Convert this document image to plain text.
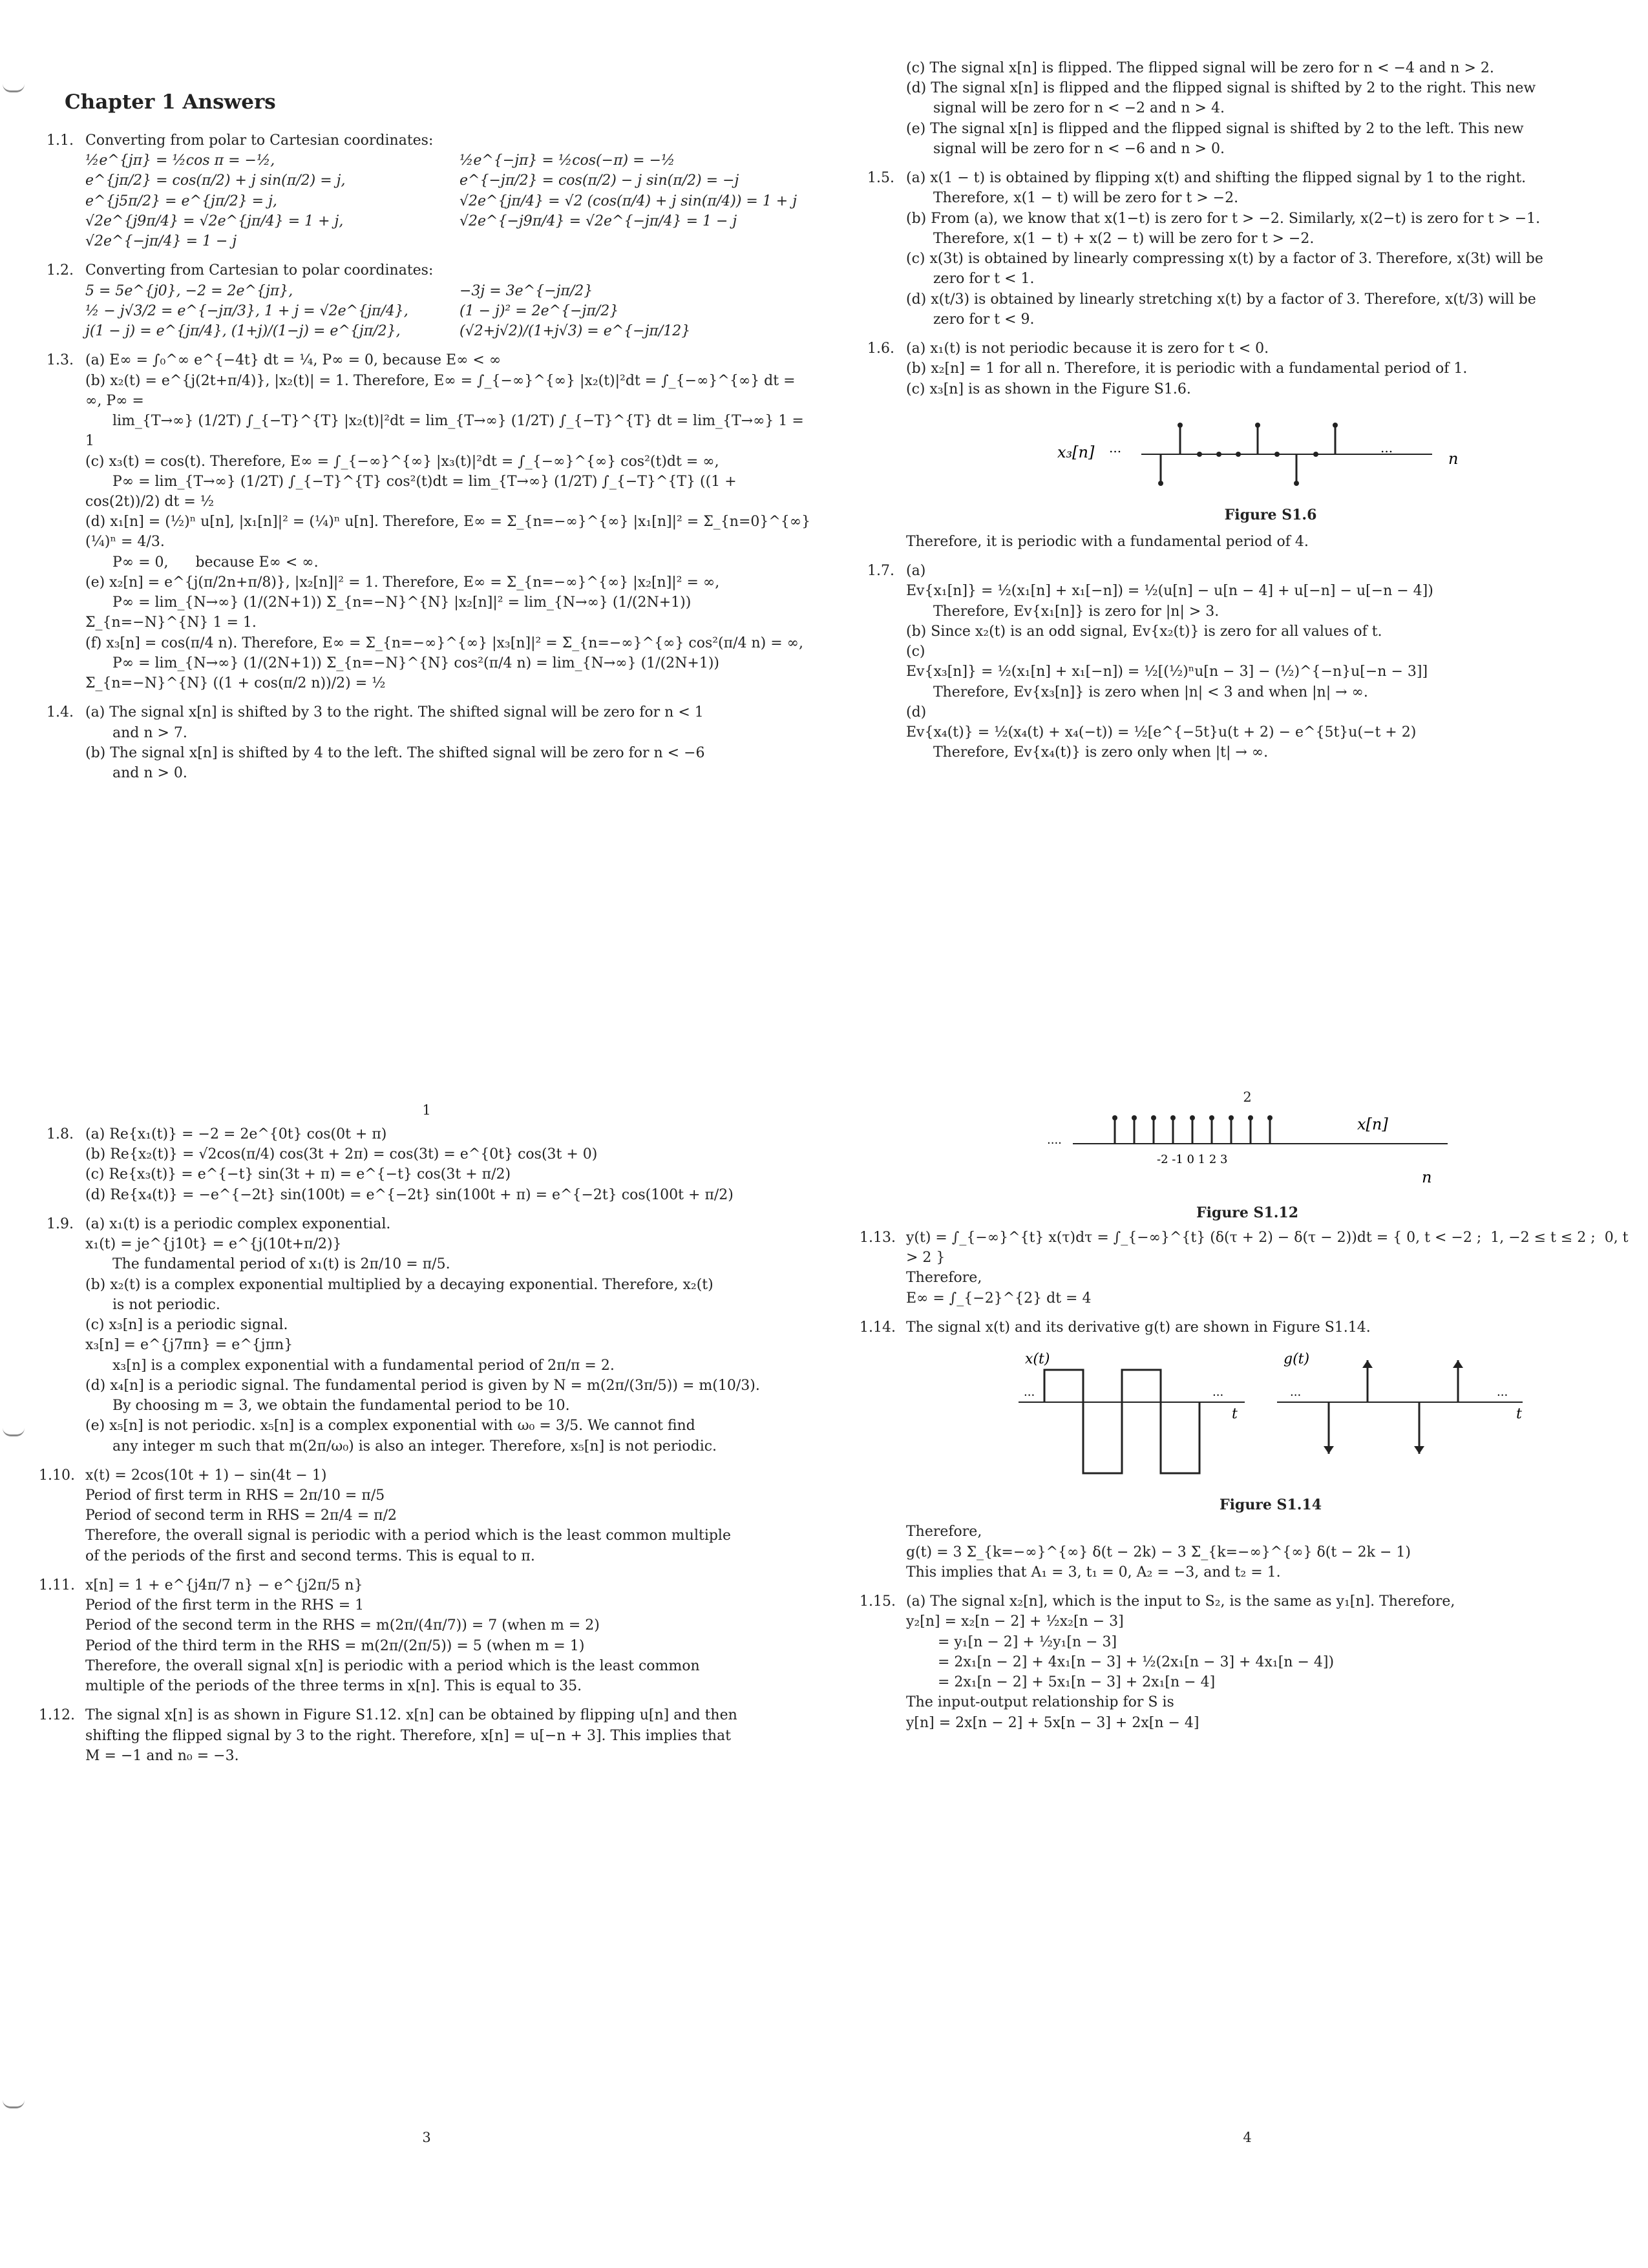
Chapter 1 Answers
1.1. Converting from polar to Cartesian coordinates:
½e^{jπ} = ½cos π = −½,	½e^{−jπ} = ½cos(−π) = −½
e^{jπ/2} = cos(π/2) + j sin(π/2) = j,	e^{−jπ/2} = cos(π/2) − j sin(π/2) = −j
e^{j5π/2} = e^{jπ/2} = j,	√2e^{jπ/4} = √2 (cos(π/4) + j sin(π/4)) = 1 + j
√2e^{j9π/4} = √2e^{jπ/4} = 1 + j,	√2e^{−j9π/4} = √2e^{−jπ/4} = 1 − j
√2e^{−jπ/4} = 1 − j
1.2. Converting from Cartesian to polar coordinates:
5 = 5e^{j0}, −2 = 2e^{jπ},	−3j = 3e^{−jπ/2}
½ − j√3/2 = e^{−jπ/3}, 1 + j = √2e^{jπ/4},	(1 − j)² = 2e^{−jπ/2}
j(1 − j) = e^{jπ/4}, (1+j)/(1−j) = e^{jπ/2},	(√2+j√2)/(1+j√3) = e^{−jπ/12}
1.3. (a) E∞ = ∫₀^∞ e^{−4t} dt = ¼, P∞ = 0, because E∞ < ∞
(b) x₂(t) = e^{j(2t+π/4)}, |x₂(t)| = 1. Therefore, E∞ = ∫_{−∞}^{∞} |x₂(t)|²dt = ∫_{−∞}^{∞} dt = ∞, P∞ =
lim_{T→∞} (1/2T) ∫_{−T}^{T} |x₂(t)|²dt = lim_{T→∞} (1/2T) ∫_{−T}^{T} dt = lim_{T→∞} 1 = 1
(c) x₃(t) = cos(t). Therefore, E∞ = ∫_{−∞}^{∞} |x₃(t)|²dt = ∫_{−∞}^{∞} cos²(t)dt = ∞,
P∞ = lim_{T→∞} (1/2T) ∫_{−T}^{T} cos²(t)dt = lim_{T→∞} (1/2T) ∫_{−T}^{T} ((1 + cos(2t))/2) dt = ½
(d) x₁[n] = (½)ⁿ u[n], |x₁[n]|² = (¼)ⁿ u[n]. Therefore, E∞ = Σ_{n=−∞}^{∞} |x₁[n]|² = Σ_{n=0}^{∞} (¼)ⁿ = 4/3.
P∞ = 0,      because E∞ < ∞.
(e) x₂[n] = e^{j(π/2n+π/8)}, |x₂[n]|² = 1. Therefore, E∞ = Σ_{n=−∞}^{∞} |x₂[n]|² = ∞,
P∞ = lim_{N→∞} (1/(2N+1)) Σ_{n=−N}^{N} |x₂[n]|² = lim_{N→∞} (1/(2N+1)) Σ_{n=−N}^{N} 1 = 1.
(f) x₃[n] = cos(π/4 n). Therefore, E∞ = Σ_{n=−∞}^{∞} |x₃[n]|² = Σ_{n=−∞}^{∞} cos²(π/4 n) = ∞,
P∞ = lim_{N→∞} (1/(2N+1)) Σ_{n=−N}^{N} cos²(π/4 n) = lim_{N→∞} (1/(2N+1)) Σ_{n=−N}^{N} ((1 + cos(π/2 n))/2) = ½
1.4. (a) The signal x[n] is shifted by 3 to the right. The shifted signal will be zero for n < 1
and n > 7.
(b) The signal x[n] is shifted by 4 to the left. The shifted signal will be zero for n < −6
and n > 0.
1
(c) The signal x[n] is flipped. The flipped signal will be zero for n < −4 and n > 2.
(d) The signal x[n] is flipped and the flipped signal is shifted by 2 to the right. This new
signal will be zero for n < −2 and n > 4.
(e) The signal x[n] is flipped and the flipped signal is shifted by 2 to the left. This new
signal will be zero for n < −6 and n > 0.
1.5. (a) x(1 − t) is obtained by flipping x(t) and shifting the flipped signal by 1 to the right.
Therefore, x(1 − t) will be zero for t > −2.
(b) From (a), we know that x(1−t) is zero for t > −2. Similarly, x(2−t) is zero for t > −1.
Therefore, x(1 − t) + x(2 − t) will be zero for t > −2.
(c) x(3t) is obtained by linearly compressing x(t) by a factor of 3. Therefore, x(3t) will be
zero for t < 1.
(d) x(t/3) is obtained by linearly stretching x(t) by a factor of 3. Therefore, x(t/3) will be
zero for t < 9.
1.6. (a) x₁(t) is not periodic because it is zero for t < 0.
(b) x₂[n] = 1 for all n. Therefore, it is periodic with a fundamental period of 1.
(c) x₃[n] is as shown in the Figure S1.6.
x₃[n]	n
...	...
Figure S1.6
Therefore, it is periodic with a fundamental period of 4.
1.7. (a)
Ev{x₁[n]} = ½(x₁[n] + x₁[−n]) = ½(u[n] − u[n − 4] + u[−n] − u[−n − 4])
Therefore, Ev{x₁[n]} is zero for |n| > 3.
(b) Since x₂(t) is an odd signal, Ev{x₂(t)} is zero for all values of t.
(c)
Ev{x₃[n]} = ½(x₁[n] + x₁[−n]) = ½[(½)ⁿu[n − 3] − (½)^{−n}u[−n − 3]]
Therefore, Ev{x₃[n]} is zero when |n| < 3 and when |n| → ∞.
(d)
Ev{x₄(t)} = ½(x₄(t) + x₄(−t)) = ½[e^{−5t}u(t + 2) − e^{5t}u(−t + 2)
Therefore, Ev{x₄(t)} is zero only when |t| → ∞.
2
1.8. (a) Re{x₁(t)} = −2 = 2e^{0t} cos(0t + π)
(b) Re{x₂(t)} = √2cos(π/4) cos(3t + 2π) = cos(3t) = e^{0t} cos(3t + 0)
(c) Re{x₃(t)} = e^{−t} sin(3t + π) = e^{−t} cos(3t + π/2)
(d) Re{x₄(t)} = −e^{−2t} sin(100t) = e^{−2t} sin(100t + π) = e^{−2t} cos(100t + π/2)
1.9. (a) x₁(t) is a periodic complex exponential.
x₁(t) = je^{j10t} = e^{j(10t+π/2)}
The fundamental period of x₁(t) is 2π/10 = π/5.
(b) x₂(t) is a complex exponential multiplied by a decaying exponential. Therefore, x₂(t)
is not periodic.
(c) x₃[n] is a periodic signal.
x₃[n] = e^{j7πn} = e^{jπn}
x₃[n] is a complex exponential with a fundamental period of 2π/π = 2.
(d) x₄[n] is a periodic signal. The fundamental period is given by N = m(2π/(3π/5)) = m(10/3).
By choosing m = 3, we obtain the fundamental period to be 10.
(e) x₅[n] is not periodic. x₅[n] is a complex exponential with ω₀ = 3/5. We cannot find
any integer m such that m(2π/ω₀) is also an integer. Therefore, x₅[n] is not periodic.
1.10. x(t) = 2cos(10t + 1) − sin(4t − 1)
Period of first term in RHS = 2π/10 = π/5
Period of second term in RHS = 2π/4 = π/2
Therefore, the overall signal is periodic with a period which is the least common multiple
of the periods of the first and second terms. This is equal to π.
1.11. x[n] = 1 + e^{j4π/7 n} − e^{j2π/5 n}
Period of the first term in the RHS = 1
Period of the second term in the RHS = m(2π/(4π/7)) = 7 (when m = 2)
Period of the third term in the RHS = m(2π/(2π/5)) = 5 (when m = 1)
Therefore, the overall signal x[n] is periodic with a period which is the least common
multiple of the periods of the three terms in x[n]. This is equal to 35.
1.12. The signal x[n] is as shown in Figure S1.12. x[n] can be obtained by flipping u[n] and then
shifting the flipped signal by 3 to the right. Therefore, x[n] = u[−n + 3]. This implies that
M = −1 and n₀ = −3.
3
....
x[n]
n
-2 -1 0 1 2 3
Figure S1.12
1.13. y(t) = ∫_{−∞}^{t} x(τ)dτ = ∫_{−∞}^{t} (δ(τ + 2) − δ(τ − 2))dt = { 0, t < −2 ;  1, −2 ≤ t ≤ 2 ;  0, t > 2 }
Therefore,
E∞ = ∫_{−2}^{2} dt = 4
1.14. The signal x(t) and its derivative g(t) are shown in Figure S1.14.
x(t)
...	...
t
g(t)
...	...
t
Figure S1.14
Therefore,
g(t) = 3 Σ_{k=−∞}^{∞} δ(t − 2k) − 3 Σ_{k=−∞}^{∞} δ(t − 2k − 1)
This implies that A₁ = 3, t₁ = 0, A₂ = −3, and t₂ = 1.
1.15. (a) The signal x₂[n], which is the input to S₂, is the same as y₁[n]. Therefore,
y₂[n] = x₂[n − 2] + ½x₂[n − 3]
= y₁[n − 2] + ½y₁[n − 3]
= 2x₁[n − 2] + 4x₁[n − 3] + ½(2x₁[n − 3] + 4x₁[n − 4])
= 2x₁[n − 2] + 5x₁[n − 3] + 2x₁[n − 4]
The input-output relationship for S is
y[n] = 2x[n − 2] + 5x[n − 3] + 2x[n − 4]
4
